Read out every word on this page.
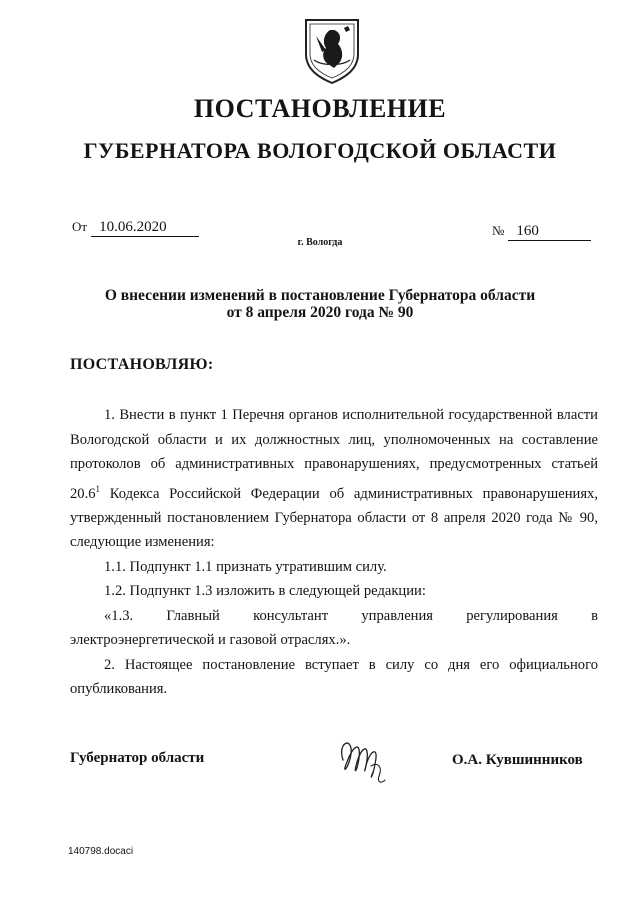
ПОСТАНОВЛЕНИЕ
ГУБЕРНАТОРА ВОЛОГОДСКОЙ ОБЛАСТИ
От 10.06.2020	№ 160
г. Вологда
О внесении изменений в постановление Губернатора области
от 8 апреля 2020 года № 90
ПОСТАНОВЛЯЮ:

1. Внести в пункт 1 Перечня органов исполнительной государственной власти Вологодской области и их должностных лиц, уполномоченных на составление протоколов об административных правонарушениях, предусмотренных статьей 20.6$^1$ Кодекса Российской Федерации об административных правонарушениях, утвержденный постановлением Губернатора области от 8 апреля 2020 года № 90, следующие изменения:

1.1. Подпункт 1.1 признать утратившим силу.

1.2. Подпункт 1.3 изложить в следующей редакции:

«1.3. Главный консультант управления регулирования в электроэнергетической и газовой отраслях.».

2. Настоящее постановление вступает в силу со дня его официального опубликования.

Губернатор области	О.А. Кувшинников
140798.docaci
